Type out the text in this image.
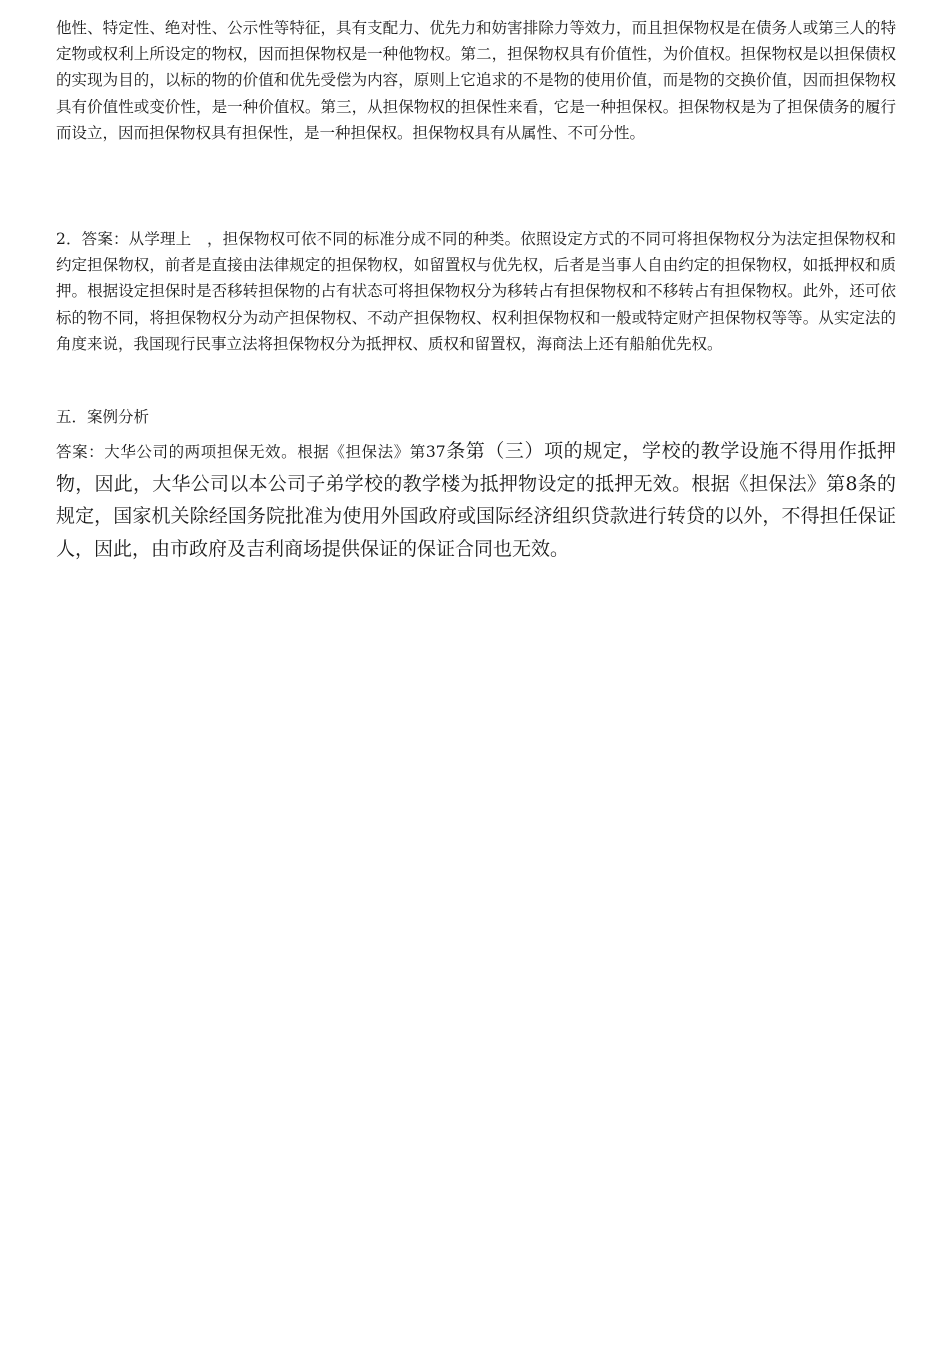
他性、特定性、绝对性、公示性等特征，具有支配力、优先力和妨害排除力等效力，而且担保物权是在债务人或第三人的特定物或权利上所设定的物权，因而担保物权是一种他物权。第二，担保物权具有价值性，为价值权。担保物权是以担保债权的实现为目的，以标的物的价值和优先受偿为内容，原则上它追求的不是物的使用价值，而是物的交换价值，因而担保物权具有价值性或变价性，是一种价值权。第三，从担保物权的担保性来看，它是一种担保权。担保物权是为了担保债务的履行而设立，因而担保物权具有担保性，是一种担保权。担保物权具有从属性、不可分性。

2．答案：从学理上　，担保物权可依不同的标准分成不同的种类。依照设定方式的不同可将担保物权分为法定担保物权和约定担保物权，前者是直接由法律规定的担保物权，如留置权与优先权，后者是当事人自由约定的担保物权，如抵押权和质押。根据设定担保时是否移转担保物的占有状态可将担保物权分为移转占有担保物权和不移转占有担保物权。此外，还可依标的物不同，将担保物权分为动产担保物权、不动产担保物权、权利担保物权和一般或特定财产担保物权等等。从实定法的角度来说，我国现行民事立法将担保物权分为抵押权、质权和留置权，海商法上还有船舶优先权。

五．案例分析

答案：大华公司的两项担保无效。根据《担保法》第37条第（三）项的规定，学校的教学设施不得用作抵押物，因此，大华公司以本公司子弟学校的教学楼为抵押物设定的抵押无效。根据《担保法》第8条的规定，国家机关除经国务院批准为使用外国政府或国际经济组织贷款进行转贷的以外，不得担任保证人，因此，由市政府及吉利商场提供保证的保证合同也无效。
